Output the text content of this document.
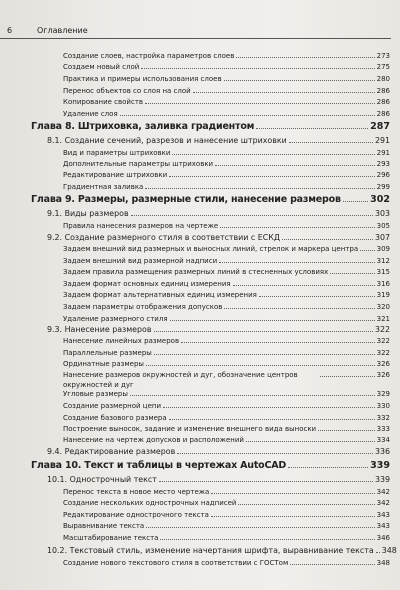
6	Оглавление
Создание слоев, настройка параметров слоев	273
Создаем новый слой	275
Практика и примеры использования слоев	280
Перенос объектов со слоя на слой	286
Копирование свойств	286
Удаление слоя	286
Глава 8. Штриховка, заливка градиентом	287
8.1. Создание сечений, разрезов и нанесение штриховки	291
Вид и параметры штриховки	291
Дополнительные параметры штриховки	293
Редактирование штриховки	296
Градиентная заливка	299
Глава 9. Размеры, размерные стили, нанесение размеров	302
9.1. Виды размеров	303
Правила нанесения размеров на чертеже	305
9.2. Создание размерного стиля в соответствии с ЕСКД	307
Задаем внешний вид размерных и выносных линий, стрелок и маркера центра	309
Задаем внешний вид размерной надписи	312
Задаем правила размещения размерных линий в стесненных условиях	315
Задаем формат основных единиц измерения	316
Задаем формат альтернативных единиц измерения	319
Задаем параметры отображения допусков	320
Удаление размерного стиля	321
9.3. Нанесение размеров	322
Нанесение линейных размеров	322
Параллельные размеры	322
Ординатные размеры	326
Нанесение размеров окружностей и дуг, обозначение центров окружностей и дуг
326
Угловые размеры	329
Создание размерной цепи	330
Создание базового размера	332
Построение выносок, задание и изменение внешнего вида выноски	333
Нанесение на чертеж допусков и расположений	334
9.4. Редактирование размеров	336
Глава 10. Текст и таблицы в чертежах AutoCAD	339
10.1. Однострочный текст	339
Перенос текста в новое место чертежа	342
Создание нескольких однострочных надписей	342
Редактирование однострочного текста	343
Выравнивание текста	343
Масштабирование текста	346
10.2. Текстовый стиль, изменение начертания шрифта, выравнивание текста 348
Создание нового текстового стиля в соответствии с ГОСТом	348
